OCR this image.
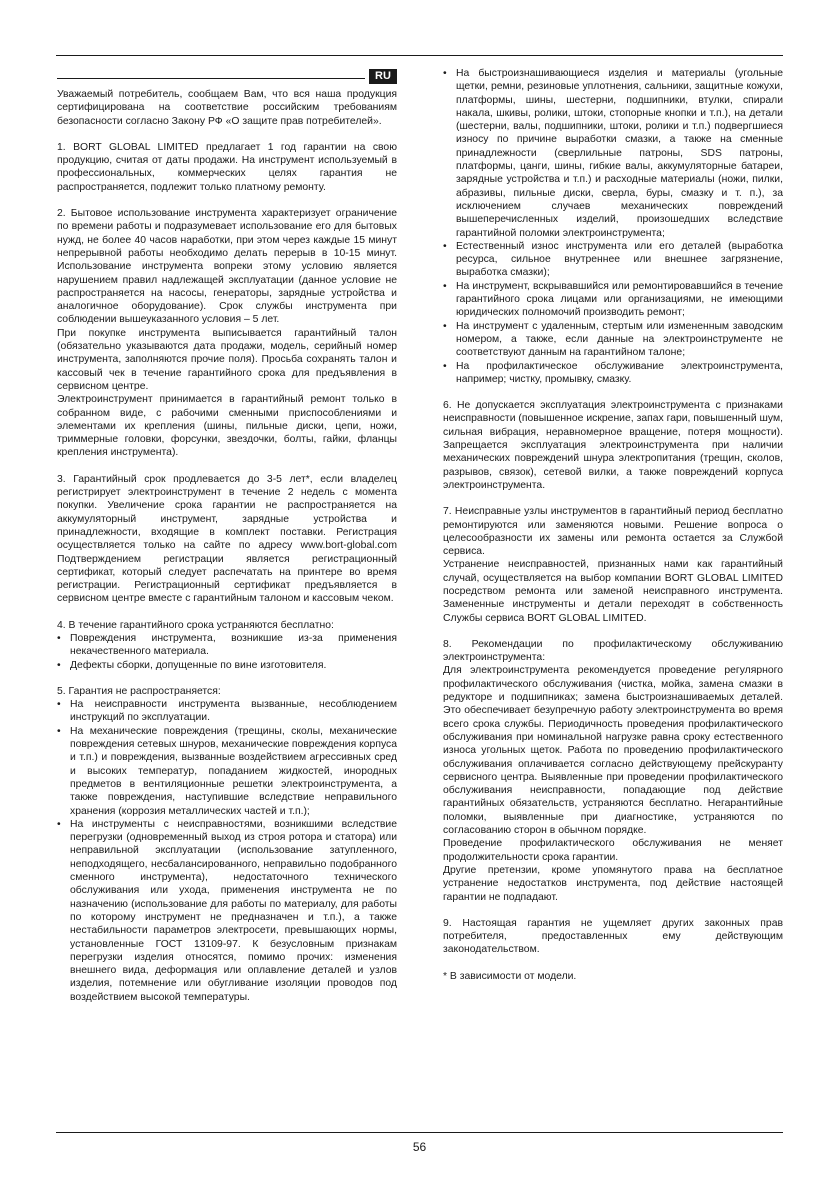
RU

Уважаемый потребитель, сообщаем Вам, что вся наша продукция сертифицирована на соответствие российским требованиям безопасности согласно Закону РФ «О защите прав потребителей».

1. BORT GLOBAL LIMITED предлагает 1 год гарантии на свою продукцию, считая от даты продажи. На инструмент используемый в профессиональных, коммерческих целях гарантия не распространяется, подлежит только платному ремонту.

2. Бытовое использование инструмента характеризует ограничение по времени работы и подразумевает использование его для бытовых нужд, не более 40 часов наработки, при этом через каждые 15 минут непрерывной работы необходимо делать перерыв в 10-15 минут. Использование инструмента вопреки этому условию является нарушением правил надлежащей эксплуатации (данное условие не распространяется на насосы, генераторы, зарядные устройства и аналогичное оборудование). Срок службы инструмента при соблюдении вышеуказанного условия – 5 лет.

При покупке инструмента выписывается гарантийный талон (обязательно указываются дата продажи, модель, серийный номер инструмента, заполняются прочие поля). Просьба сохранять талон и кассовый чек в течение гарантийного срока для предъявления в сервисном центре.

Электроинструмент принимается в гарантийный ремонт только в собранном виде, с рабочими сменными приспособлениями и элементами их крепления (шины, пильные диски, цепи, ножи, триммерные головки, форсунки, звездочки, болты, гайки, фланцы крепления инструмента).

3. Гарантийный срок продлевается до 3-5 лет*, если владелец регистрирует электроинструмент в течение 2 недель с момента покупки. Увеличение срока гарантии не распространяется на аккумуляторный инструмент, зарядные устройства и принадлежности, входящие в комплект поставки. Регистрация осуществляется только на сайте по адресу www.bort-global.com Подтверждением регистрации является регистрационный сертификат, который следует распечатать на принтере во время регистрации. Регистрационный сертификат предъявляется в сервисном центре вместе с гарантийным талоном и кассовым чеком.

4. В течение гарантийного срока устраняются бесплатно:

• Повреждения инструмента, возникшие из-за применения некачественного материала.
• Дефекты сборки, допущенные по вине изготовителя.

5. Гарантия не распространяется:

• На неисправности инструмента вызванные, несоблюдением инструкций по эксплуатации.
• На механические повреждения (трещины, сколы, механические повреждения сетевых шнуров, механические повреждения корпуса и т.п.) и повреждения, вызванные воздействием агрессивных сред и высоких температур, попаданием жидкостей, инородных предметов в вентиляционные решетки электроинструмента, а также повреждения, наступившие вследствие неправильного хранения (коррозия металлических частей и т.п.);
• На инструменты с неисправностями, возникшими вследствие перегрузки (одновременный выход из строя ротора и статора) или неправильной эксплуатации (использование затупленного, неподходящего, несбалансированного, неправильно подобранного сменного инструмента), недостаточного технического обслуживания или ухода, применения инструмента не по назначению (использование для работы по материалу, для работы по которому инструмент не предназначен и т.п.), а также нестабильности параметров электросети, превышающих нормы, установленные ГОСТ 13109-97. К безусловным признакам перегрузки изделия относятся, помимо прочих: изменения внешнего вида, деформация или оплавление деталей и узлов изделия, потемнение или обугливание изоляции проводов под воздействием высокой температуры.
• На быстроизнашивающиеся изделия и материалы (угольные щетки, ремни, резиновые уплотнения, сальники, защитные кожухи, платформы, шины, шестерни, подшипники, втулки, спирали накала, шкивы, ролики, штоки, стопорные кнопки и т.п.), на детали (шестерни, валы, подшипники, штоки, ролики и т.п.) подвергшиеся износу по причине выработки смазки, а также на сменные принадлежности (сверлильные патроны, SDS патроны, платформы, цанги, шины, гибкие валы, аккумуляторные батареи, зарядные устройства и т.п.) и расходные материалы (ножи, пилки, абразивы, пильные диски, сверла, буры, смазку и т. п.), за исключением случаев механических повреждений вышеперечисленных изделий, произошедших вследствие гарантийной поломки электроинструмента;
• Естественный износ инструмента или его деталей (выработка ресурса, сильное внутреннее или внешнее загрязнение, выработка смазки);
• На инструмент, вскрывавшийся или ремонтировавшийся в течение гарантийного срока лицами или организациями, не имеющими юридических полномочий производить ремонт;
• На инструмент с удаленным, стертым или измененным заводским номером, а также, если данные на электроинструменте не соответствуют данным на гарантийном талоне;
• На профилактическое обслуживание электроинструмента, например; чистку, промывку, смазку.

6. Не допускается эксплуатация электроинструмента с признаками неисправности (повышенное искрение, запах гари, повышенный шум, сильная вибрация, неравномерное вращение, потеря мощности). Запрещается эксплуатация электроинструмента при наличии механических повреждений шнура электропитания (трещин, сколов, разрывов, связок), сетевой вилки, а также повреждений корпуса электроинструмента.

7. Неисправные узлы инструментов в гарантийный период бесплатно ремонтируются или заменяются новыми. Решение вопроса о целесообразности их замены или ремонта остается за Службой сервиса.

Устранение неисправностей, признанных нами как гарантийный случай, осуществляется на выбор компании BORT GLOBAL LIMITED посредством ремонта или заменой неисправного инструмента. Замененные инструменты и детали переходят в собственность Службы сервиса BORT GLOBAL LIMITED.

8. Рекомендации по профилактическому обслуживанию электроинструмента:

Для электроинструмента рекомендуется проведение регулярного профилактического обслуживания (чистка, мойка, замена смазки в редукторе и подшипниках; замена быстроизнашиваемых деталей. Это обеспечивает безупречную работу электроинструмента во время всего срока службы. Периодичность проведения профилактического обслуживания при номинальной нагрузке равна сроку естественного износа угольных щеток. Работа по проведению профилактического обслуживания оплачивается согласно действующему прейскуранту сервисного центра. Выявленные при проведении профилактического обслуживания неисправности, попадающие под действие гарантийных обязательств, устраняются бесплатно. Негарантийные поломки, выявленные при диагностике, устраняются по согласованию сторон в обычном порядке.

Проведение профилактического обслуживания не меняет продолжительности срока гарантии.

Другие претензии, кроме упомянутого права на бесплатное устранение недостатков инструмента, под действие настоящей гарантии не подпадают.

9. Настоящая гарантия не ущемляет других законных прав потребителя, предоставленных ему действующим законодательством.

* В зависимости от модели.

56
